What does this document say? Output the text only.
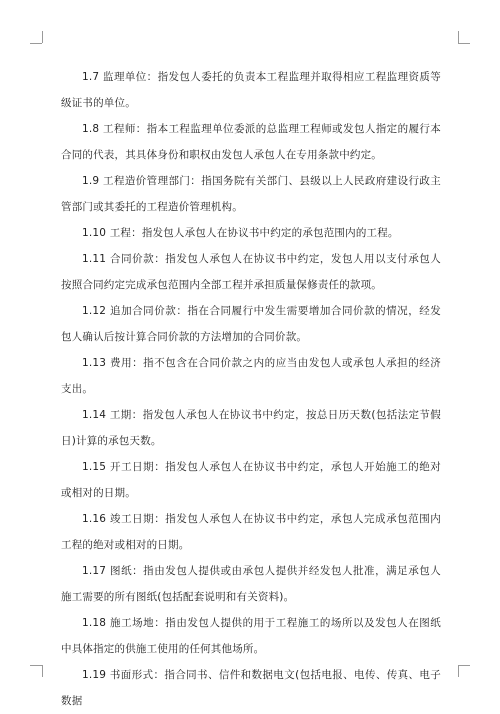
1.7 监理单位：指发包人委托的负责本工程监理并取得相应工程监理资质等级证书的单位。

1.8 工程师：指本工程监理单位委派的总监理工程师或发包人指定的履行本合同的代表，其具体身份和职权由发包人承包人在专用条款中约定。

1.9 工程造价管理部门：指国务院有关部门、县级以上人民政府建设行政主管部门或其委托的工程造价管理机构。

1.10 工程：指发包人承包人在协议书中约定的承包范围内的工程。

1.11 合同价款：指发包人承包人在协议书中约定，发包人用以支付承包人按照合同约定完成承包范围内全部工程并承担质量保修责任的款项。

1.12 追加合同价款：指在合同履行中发生需要增加合同价款的情况，经发包人确认后按计算合同价款的方法增加的合同价款。

1.13 费用：指不包含在合同价款之内的应当由发包人或承包人承担的经济支出。

1.14 工期：指发包人承包人在协议书中约定，按总日历天数(包括法定节假日)计算的承包天数。

1.15 开工日期：指发包人承包人在协议书中约定，承包人开始施工的绝对或相对的日期。

1.16 竣工日期：指发包人承包人在协议书中约定，承包人完成承包范围内工程的绝对或相对的日期。

1.17 图纸：指由发包人提供或由承包人提供并经发包人批准，满足承包人施工需要的所有图纸(包括配套说明和有关资料)。

1.18 施工场地：指由发包人提供的用于工程施工的场所以及发包人在图纸中具体指定的供施工使用的任何其他场所。

1.19 书面形式：指合同书、信件和数据电文(包括电报、电传、传真、电子数据
